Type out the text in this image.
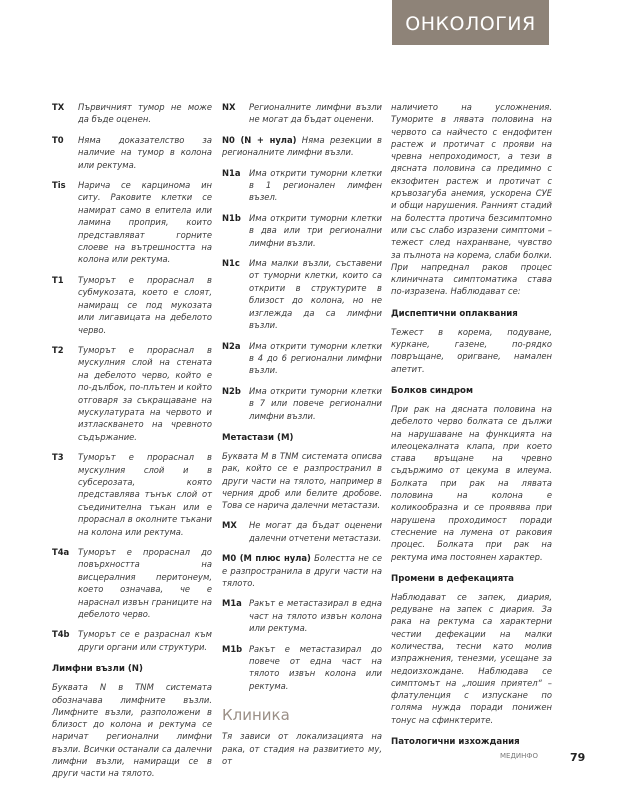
ОНКОЛОГИЯ
TX	Първичният тумор не може да бъде оценен.
T0	Няма доказателство за наличие на тумор в колона или ректума.
Tis	Нарича се карцинома ин ситу. Раковите клетки се намират само в епитела или ламина проприя, които представляват горните слоеве на вътрешността на колона или ректума.
T1	Туморът е прораснал в субмукозата, което е слоят, намиращ се под мукозата или лигавицата на дебелото черво.
T2	Туморът е прораснал в мускулния слой на стената на дебелото черво, който е по-дълбок, по-плътен и който отговаря за съкращаване на мускулатурата на червото и изтласкването на чревното съдържание.
T3	Туморът е прораснал в мускулния слой и в субсерозата, която представлява тънък слой от съединителна тъкан или е прораснал в околните тъкани на колона или ректума.
T4a	Туморът е прораснал до повърхността на висцералния перитонеум, което означава, че е нараснал извън границите на дебелото черво.
T4b	Туморът се е разраснал към други органи или структури.
Лимфни възли (N)
Буквата N в TNM системата обозначава лимфните възли. Лимфните възли, разположени в близост до колона и ректума се наричат регионални лимфни възли. Всички останали са далечни лимфни възли, намиращи се в други части на тялото.
NX	Регионалните лимфни възли не могат да бъдат оценени.
N0 (N + нула) Няма резекции в регионалните лимфни възли.
N1a	Има открити туморни клетки в 1 регионален лимфен възел.
N1b Има открити туморни клетки в два или три регионални лимфни възли.
N1c	Има малки възли, съставени от туморни клетки, които са открити в структурите в близост до колона, но не изглежда да са лимфни възли.
N2a	Има открити туморни клетки в 4 до 6 регионални лимфни възли.
N2b Има открити туморни клетки в 7 или повече регионални лимфни възли.
Метастази (M)
Буквата M в TNM системата описва рак, който се е разпространил в други части на тялото, например в черния дроб или белите дробове. Това се нарича далечни метастази.
MX	Не могат да бъдат оценени далечни отчетени метастази.
M0 (M плюс нула) Болестта не се е разпространила в други части на тялото.
M1a Ракът е метастазирал в една част на тялото извън колона или ректума.
M1b Ракът е метастазирал до повече от една част на тялото извън колона или ректума.
Клиника
Тя зависи от локализацията на рака, от стадия на развитието му, от
наличието на усложнения. Туморите в лявата половина на червото са найчесто с ендофитен растеж и протичат с прояви на чревна непроходимост, а тези в дясната половина са предимно с екзофитен растеж и протичат с кръвозагуба анемия, ускорена СУЕ и общи нарушения. Ранният стадий на болестта протича безсимптомно или със слабо изразени симптоми – тежест след нахранване, чувство за пълнота на корема, слаби болки. При напреднал раков процес клиничната симптоматика става по-изразена. Наблюдават се:
Диспептични оплаквания
Тежест в корема, подуване, куркане, газене, по-рядко повръщане, оригване, намален апетит.
Болков синдром
При рак на дясната половина на дебелото черво болката се дължи на нарушаване на функцията на илеоцекалната клапа, при което става връщане на чревно съдържимо от цекума в илеума. Болката при рак на лявата половина на колона е коликообразна и се проявява при нарушена проходимост поради стеснение на лумена от раковия процес. Болката при рак на ректума има постоянен характер.
Промени в дефекацията
Наблюдават се запек, диария, редуване на запек с диария. За рака на ректума са характерни честии дефекации на малки количества, тесни като молив изпражнения, тенезми, усещане за недоизхождане. Наблюдава се симптомът на „лошия приятел“ – флатуленция с изпускане по голяма нужда поради понижен тонус на сфинктерите.
Патологични изхождания
МЕДИНФО	79
